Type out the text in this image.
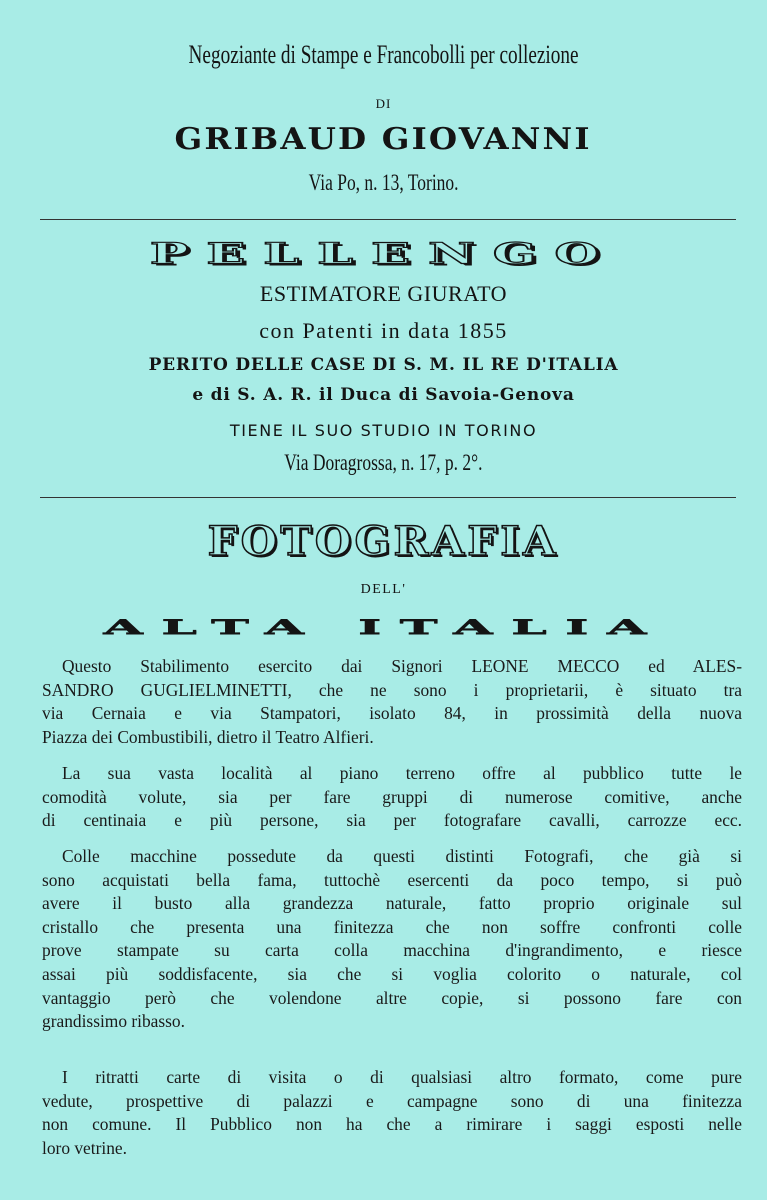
Negoziante di Stampe e Francobolli per collezione
DI
GRIBAUD GIOVANNI
Via Po, n. 13, Torino.
PELLENGO
ESTIMATORE GIURATO
con Patenti in data 1855
PERITO DELLE CASE DI S. M. IL RE D'ITALIA
e di S. A. R. il Duca di Savoia-Genova
TIENE IL SUO STUDIO IN TORINO
Via Doragrossa, n. 17, p. 2°.
FOTOGRAFIA
DELL'
ALTA ITALIA
Questo Stabilimento esercito dai Signori LEONE MECCO ed ALES-
SANDRO GUGLIELMINETTI, che ne sono i proprietarii, è situato tra
via Cernaia e via Stampatori, isolato 84, in prossimità della nuova
Piazza dei Combustibili, dietro il Teatro Alfieri.
La sua vasta località al piano terreno offre al pubblico tutte le
comodità volute, sia per fare gruppi di numerose comitive, anche
di centinaia e più persone, sia per fotografare cavalli, carrozze ecc.
Colle macchine possedute da questi distinti Fotografi, che già si
sono acquistati bella fama, tuttochè esercenti da poco tempo, si può
avere il busto alla grandezza naturale, fatto proprio originale sul
cristallo che presenta una finitezza che non soffre confronti colle
prove stampate su carta colla macchina d'ingrandimento, e riesce
assai più soddisfacente, sia che si voglia colorito o naturale, col
vantaggio però che volendone altre copie, si possono fare con
grandissimo ribasso.
I ritratti carte di visita o di qualsiasi altro formato, come pure
vedute, prospettive di palazzi e campagne sono di una finitezza
non comune. Il Pubblico non ha che a rimirare i saggi esposti nelle
loro vetrine.
